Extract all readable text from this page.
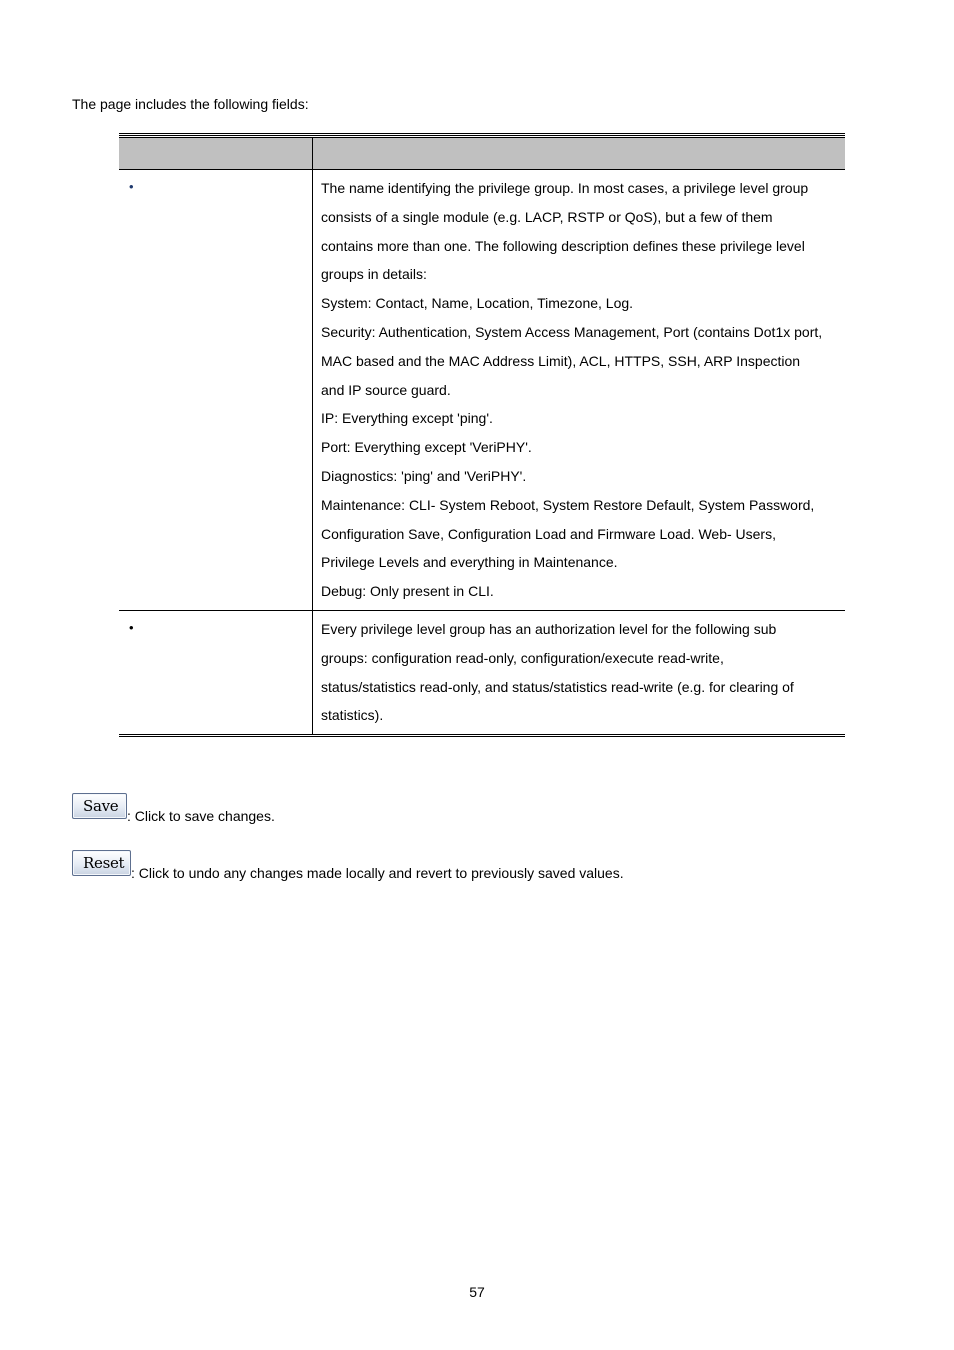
The page includes the following fields:
•	The name identifying the privilege group. In most cases, a privilege level group
consists of a single module (e.g. LACP, RSTP or QoS), but a few of them
contains more than one. The following description defines these privilege level
groups in details:
System: Contact, Name, Location, Timezone, Log.
Security: Authentication, System Access Management, Port (contains Dot1x port,
MAC based and the MAC Address Limit), ACL, HTTPS, SSH, ARP Inspection
and IP source guard.
IP: Everything except 'ping'.
Port: Everything except 'VeriPHY'.
Diagnostics: 'ping' and 'VeriPHY'.
Maintenance: CLI- System Reboot, System Restore Default, System Password,
Configuration Save, Configuration Load and Firmware Load. Web- Users,
Privilege Levels and everything in Maintenance.
Debug: Only present in CLI.
•	Every privilege level group has an authorization level for the following sub
groups: configuration read-only, configuration/execute read-write,
status/statistics read-only, and status/statistics read-write (e.g. for clearing of
statistics).
Save
: Click to save changes.
Reset
: Click to undo any changes made locally and revert to previously saved values.
57
